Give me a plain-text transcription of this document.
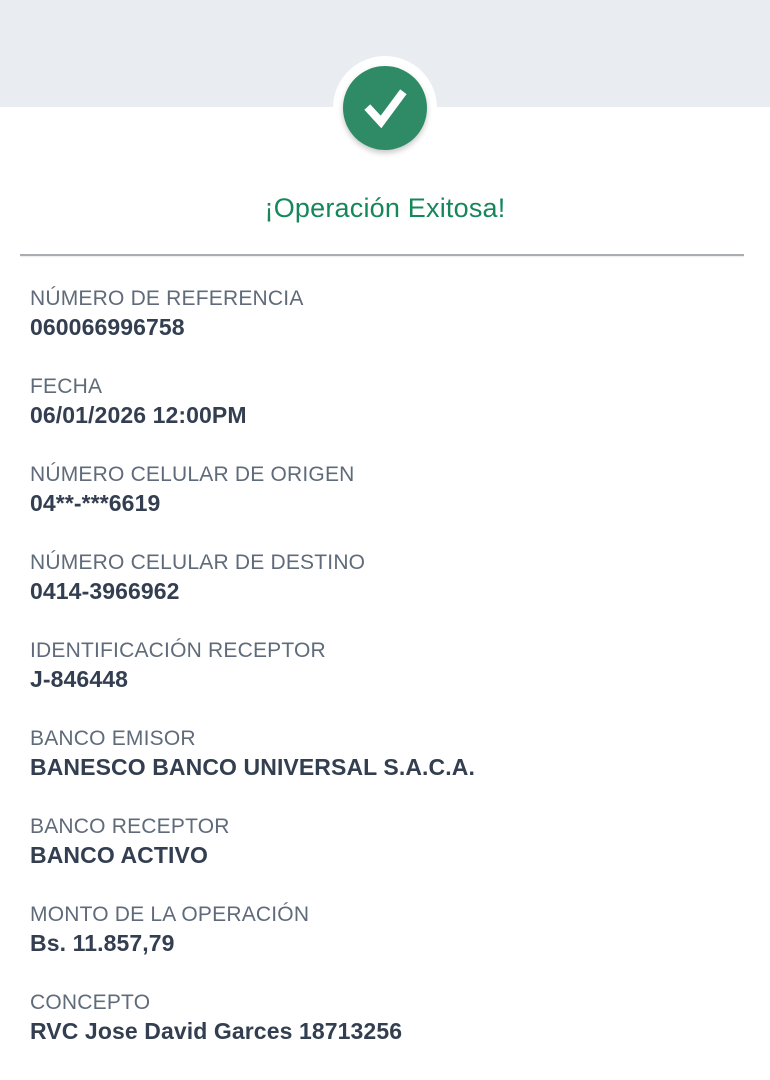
¡Operación Exitosa!
NÚMERO DE REFERENCIA
060066996758
FECHA
06/01/2026 12:00PM
NÚMERO CELULAR DE ORIGEN
04**-***6619
NÚMERO CELULAR DE DESTINO
0414-3966962
IDENTIFICACIÓN RECEPTOR
J-846448
BANCO EMISOR
BANESCO BANCO UNIVERSAL S.A.C.A.
BANCO RECEPTOR
BANCO ACTIVO
MONTO DE LA OPERACIÓN
Bs. 11.857,79
CONCEPTO
RVC Jose David Garces 18713256
